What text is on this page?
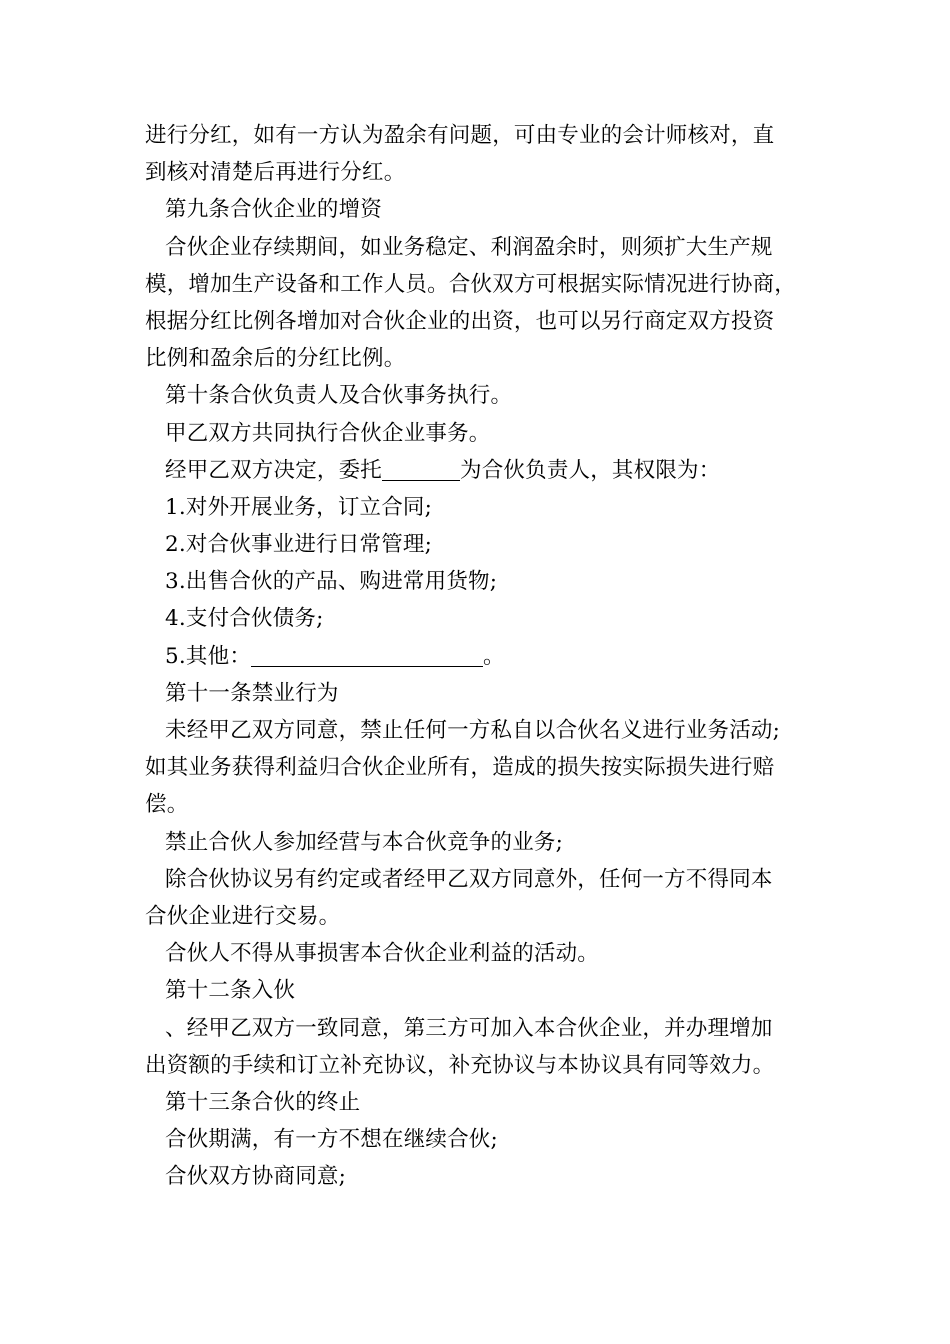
进行分红，如有一方认为盈余有问题，可由专业的会计师核对，直
到核对清楚后再进行分红。
第九条合伙企业的增资
合伙企业存续期间，如业务稳定、利润盈余时，则须扩大生产规
模，增加生产设备和工作人员。合伙双方可根据实际情况进行协商，
根据分红比例各增加对合伙企业的出资，也可以另行商定双方投资
比例和盈余后的分红比例。
第十条合伙负责人及合伙事务执行。
甲乙双方共同执行合伙企业事务。
经甲乙双方决定，委托	为合伙负责人，其权限为：
1.对外开展业务，订立合同;
2.对合伙事业进行日常管理;
3.出售合伙的产品、购进常用货物;
4.支付合伙债务;
5.其他：	。
第十一条禁业行为
未经甲乙双方同意，禁止任何一方私自以合伙名义进行业务活动;
如其业务获得利益归合伙企业所有，造成的损失按实际损失进行赔
偿。
禁止合伙人参加经营与本合伙竞争的业务;
除合伙协议另有约定或者经甲乙双方同意外，任何一方不得同本
合伙企业进行交易。
合伙人不得从事损害本合伙企业利益的活动。
第十二条入伙
、经甲乙双方一致同意，第三方可加入本合伙企业，并办理增加
出资额的手续和订立补充协议，补充协议与本协议具有同等效力。
第十三条合伙的终止
合伙期满，有一方不想在继续合伙;
合伙双方协商同意;
